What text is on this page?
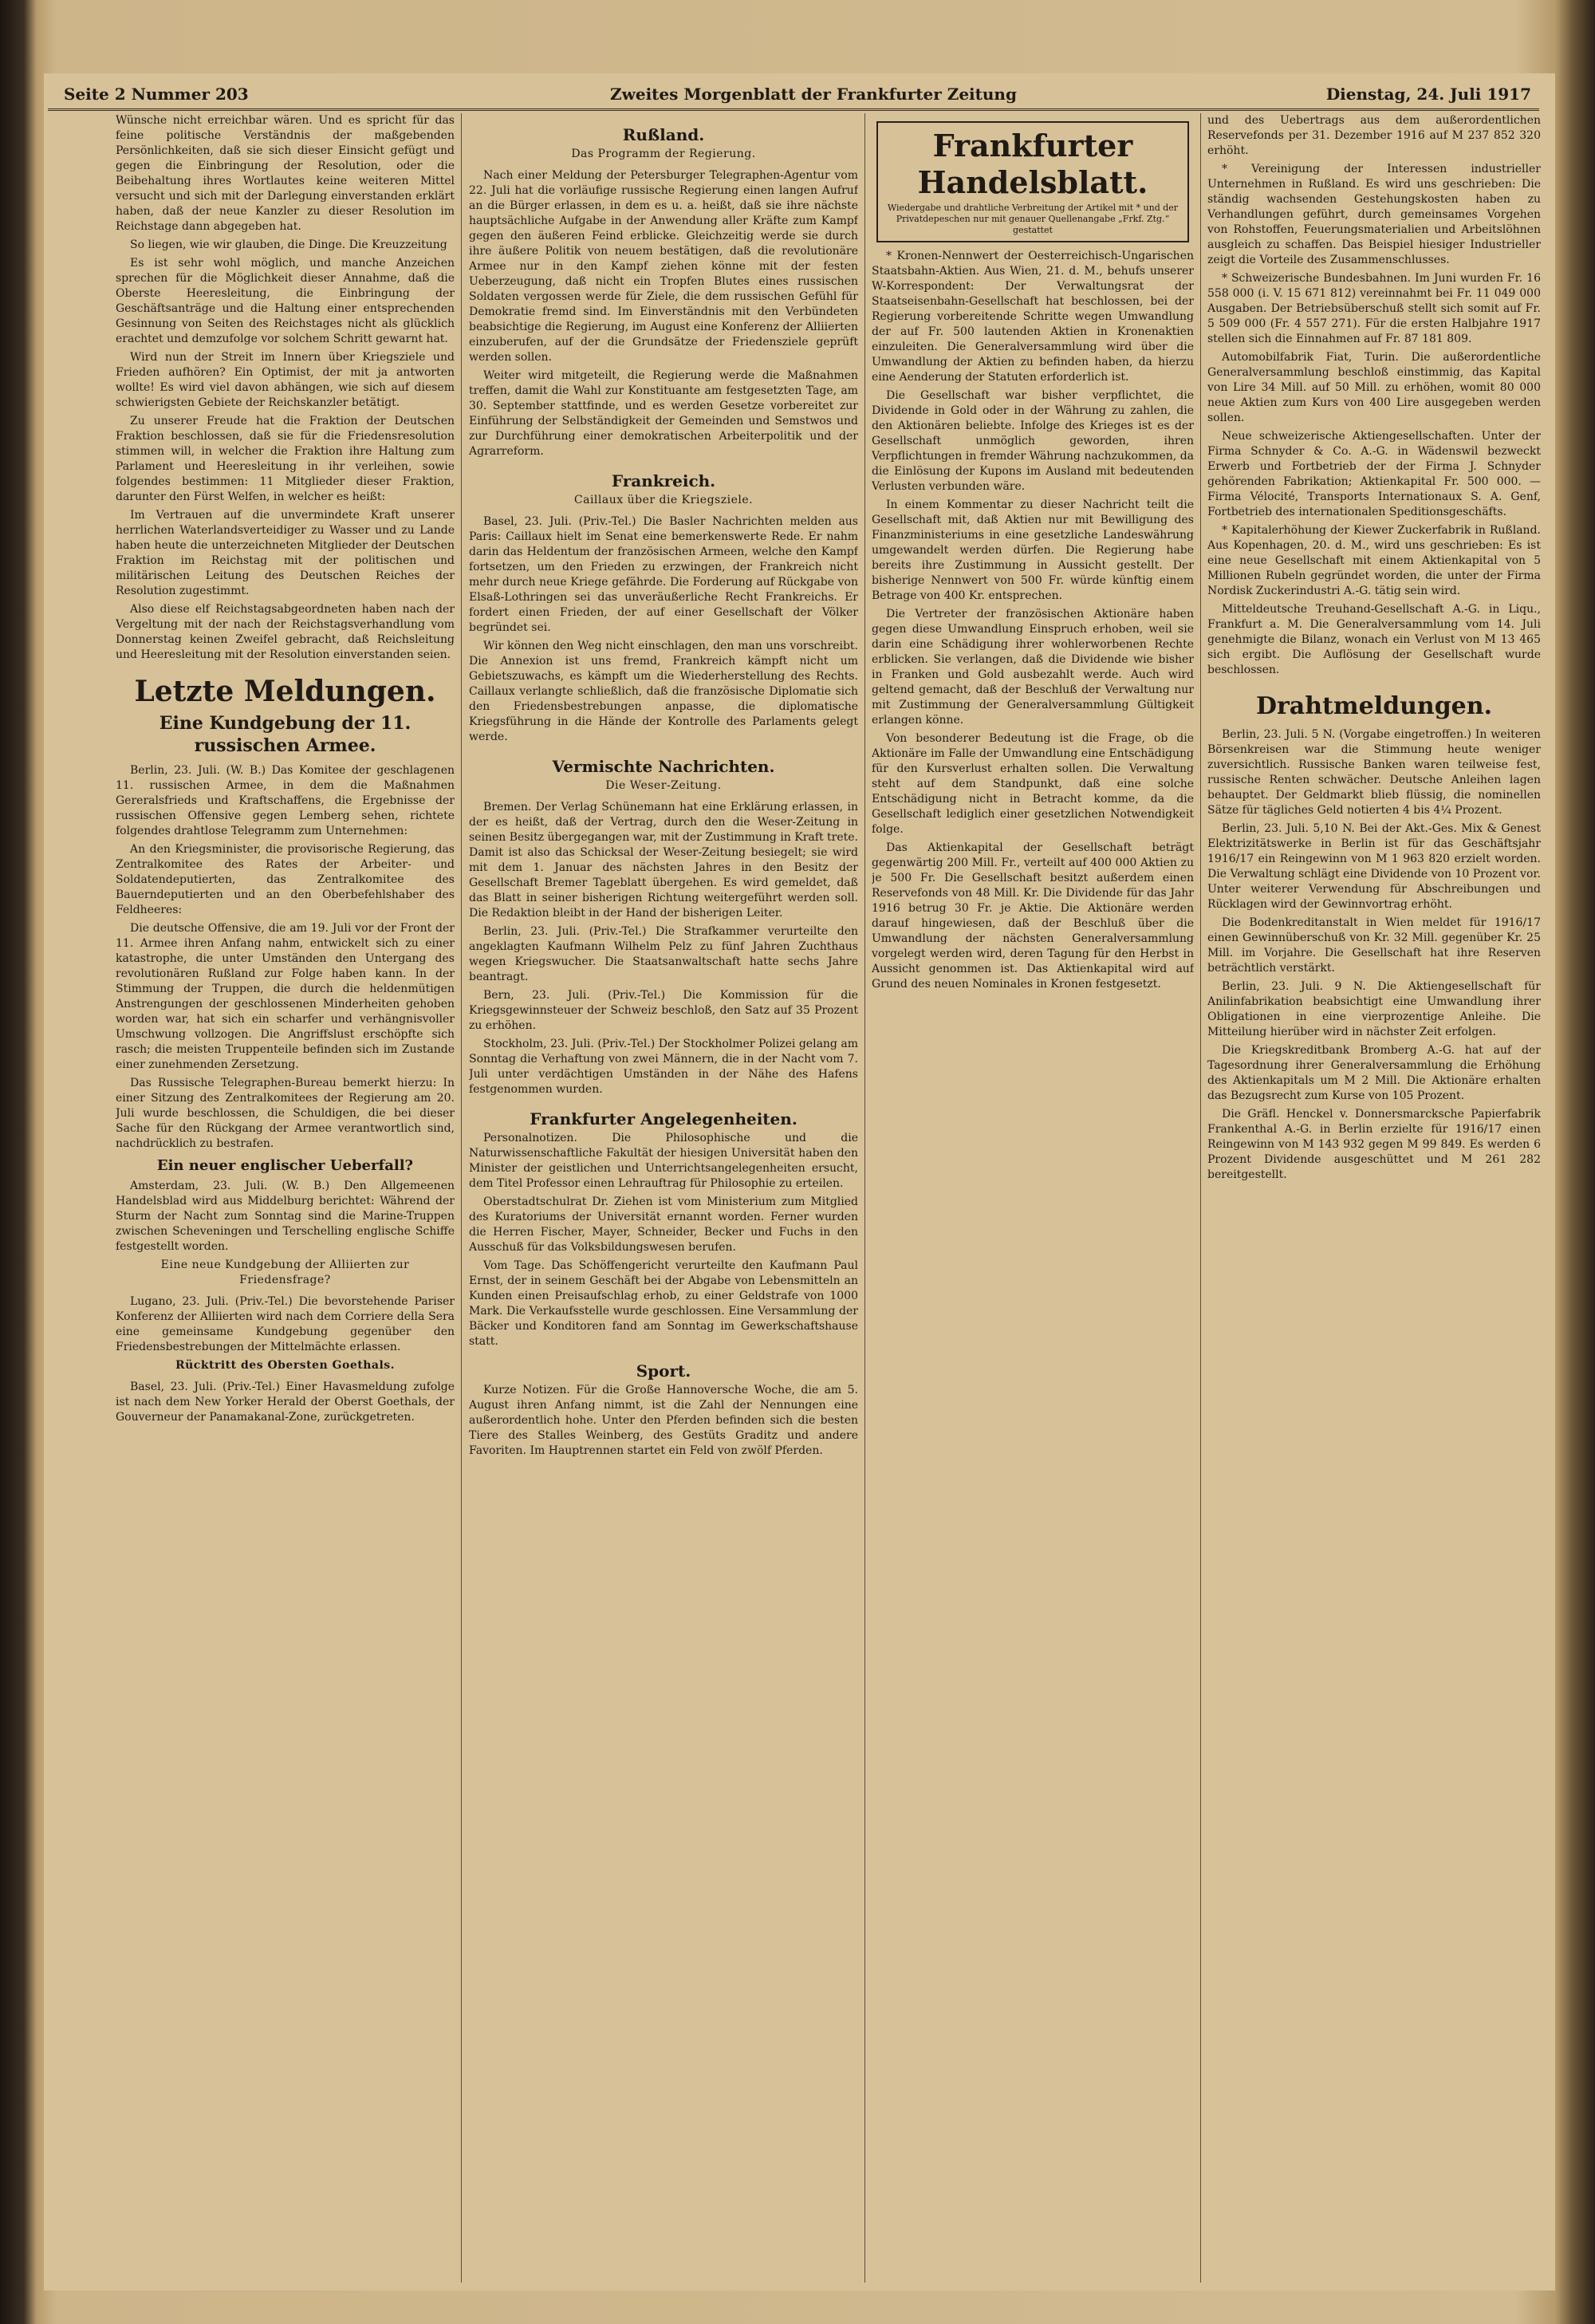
Seite 2 Nummer 203	Zweites Morgenblatt der Frankfurter Zeitung	Dienstag, 24. Juli 1917

Wünsche nicht erreichbar wären. Und es spricht für das feine politische Verständnis der maßgebenden Persönlichkeiten, daß sie sich dieser Einsicht gefügt und gegen die Einbringung der Resolution, oder die Beibehaltung ihres Wortlautes keine weiteren Mittel versucht und sich mit der Darlegung einverstanden erklärt haben, daß der neue Kanzler zu dieser Resolution im Reichstage dann abgegeben hat.

So liegen, wie wir glauben, die Dinge. Die Kreuzzeitung

Es ist sehr wohl möglich, und manche Anzeichen sprechen für die Möglichkeit dieser Annahme, daß die Oberste Heeresleitung, die Einbringung der Geschäftsanträge und die Haltung einer entsprechenden Gesinnung von Seiten des Reichstages nicht als glücklich erachtet und demzufolge vor solchem Schritt gewarnt hat.

Wird nun der Streit im Innern über Kriegsziele und Frieden aufhören? Ein Optimist, der mit ja antworten wollte! Es wird viel davon abhängen, wie sich auf diesem schwierigsten Gebiete der Reichskanzler betätigt.

Zu unserer Freude hat die Fraktion der Deutschen Fraktion beschlossen, daß sie für die Friedensresolution stimmen will, in welcher die Fraktion ihre Haltung zum Parlament und Heeresleitung in ihr verleihen, sowie folgendes bestimmen: 11 Mitglieder dieser Fraktion, darunter den Fürst Welfen, in welcher es heißt:

Im Vertrauen auf die unvermindete Kraft unserer herrlichen Waterlandsverteidiger zu Wasser und zu Lande haben heute die unterzeichneten Mitglieder der Deutschen Fraktion im Reichstag mit der politischen und militärischen Leitung des Deutschen Reiches der Resolution zugestimmt.

Also diese elf Reichstagsabgeordneten haben nach der Vergeltung mit der nach der Reichstagsverhandlung vom Donnerstag keinen Zweifel gebracht, daß Reichsleitung und Heeresleitung mit der Resolution einverstanden seien.

Letzte Meldungen.
Eine Kundgebung der 11. russischen Armee.

Berlin, 23. Juli. (W. B.) Das Komitee der geschlagenen 11. russischen Armee, in dem die Maßnahmen Gereralsfrieds und Kraftschaffens, die Ergebnisse der russischen Offensive gegen Lemberg sehen, richtete folgendes drahtlose Telegramm zum Unternehmen:

An den Kriegsminister, die provisorische Regierung, das Zentralkomitee des Rates der Arbeiter- und Soldatendeputierten, das Zentralkomitee des Bauerndeputierten und an den Oberbefehlshaber des Feldheeres:

Die deutsche Offensive, die am 19. Juli vor der Front der 11. Armee ihren Anfang nahm, entwickelt sich zu einer katastrophe, die unter Umständen den Untergang des revolutionären Rußland zur Folge haben kann. In der Stimmung der Truppen, die durch die heldenmütigen Anstrengungen der geschlossenen Minderheiten gehoben worden war, hat sich ein scharfer und verhängnisvoller Umschwung vollzogen. Die Angriffslust erschöpfte sich rasch; die meisten Truppenteile befinden sich im Zustande einer zunehmenden Zersetzung.

Das Russische Telegraphen-Bureau bemerkt hierzu: In einer Sitzung des Zentralkomitees der Regierung am 20. Juli wurde beschlossen, die Schuldigen, die bei dieser Sache für den Rückgang der Armee verantwortlich sind, nachdrücklich zu bestrafen.

Ein neuer englischer Ueberfall?

Amsterdam, 23. Juli. (W. B.) Den Allgemeenen Handelsblad wird aus Middelburg berichtet: Während der Sturm der Nacht zum Sonntag sind die Marine-Truppen zwischen Scheveningen und Terschelling englische Schiffe festgestellt worden.

Eine neue Kundgebung der Alliierten zur Friedensfrage?

Lugano, 23. Juli. (Priv.-Tel.) Die bevorstehende Pariser Konferenz der Alliierten wird nach dem Corriere della Sera eine gemeinsame Kundgebung gegenüber den Friedensbestrebungen der Mittelmächte erlassen.

Rücktritt des Obersten Goethals.

Basel, 23. Juli. (Priv.-Tel.) Einer Havasmeldung zufolge ist nach dem New Yorker Herald der Oberst Goethals, der Gouverneur der Panamakanal-Zone, zurückgetreten.

Rußland.
Das Programm der Regierung.

Nach einer Meldung der Petersburger Telegraphen-Agentur vom 22. Juli hat die vorläufige russische Regierung einen langen Aufruf an die Bürger erlassen, in dem es u. a. heißt, daß sie ihre nächste hauptsächliche Aufgabe in der Anwendung aller Kräfte zum Kampf gegen den äußeren Feind erblicke. Gleichzeitig werde sie durch ihre äußere Politik von neuem bestätigen, daß die revolutionäre Armee nur in den Kampf ziehen könne mit der festen Ueberzeugung, daß nicht ein Tropfen Blutes eines russischen Soldaten vergossen werde für Ziele, die dem russischen Gefühl für Demokratie fremd sind. Im Einverständnis mit den Verbündeten beabsichtige die Regierung, im August eine Konferenz der Alliierten einzuberufen, auf der die Grundsätze der Friedensziele geprüft werden sollen.

Weiter wird mitgeteilt, die Regierung werde die Maßnahmen treffen, damit die Wahl zur Konstituante am festgesetzten Tage, am 30. September stattfinde, und es werden Gesetze vorbereitet zur Einführung der Selbständigkeit der Gemeinden und Semstwos und zur Durchführung einer demokratischen Arbeiterpolitik und der Agrarreform.

Frankreich.
Caillaux über die Kriegsziele.

Basel, 23. Juli. (Priv.-Tel.) Die Basler Nachrichten melden aus Paris: Caillaux hielt im Senat eine bemerkenswerte Rede. Er nahm darin das Heldentum der französischen Armeen, welche den Kampf fortsetzen, um den Frieden zu erzwingen, der Frankreich nicht mehr durch neue Kriege gefährde. Die Forderung auf Rückgabe von Elsaß-Lothringen sei das unveräußerliche Recht Frankreichs. Er fordert einen Frieden, der auf einer Gesellschaft der Völker begründet sei.

Wir können den Weg nicht einschlagen, den man uns vorschreibt. Die Annexion ist uns fremd, Frankreich kämpft nicht um Gebietszuwachs, es kämpft um die Wiederherstellung des Rechts. Caillaux verlangte schließlich, daß die französische Diplomatie sich den Friedensbestrebungen anpasse, die diplomatische Kriegsführung in die Hände der Kontrolle des Parlaments gelegt werde.

Vermischte Nachrichten.
Die Weser-Zeitung.

Bremen. Der Verlag Schünemann hat eine Erklärung erlassen, in der es heißt, daß der Vertrag, durch den die Weser-Zeitung in seinen Besitz übergegangen war, mit der Zustimmung in Kraft trete. Damit ist also das Schicksal der Weser-Zeitung besiegelt; sie wird mit dem 1. Januar des nächsten Jahres in den Besitz der Gesellschaft Bremer Tageblatt übergehen. Es wird gemeldet, daß das Blatt in seiner bisherigen Richtung weitergeführt werden soll. Die Redaktion bleibt in der Hand der bisherigen Leiter.

Berlin, 23. Juli. (Priv.-Tel.) Die Strafkammer verurteilte den angeklagten Kaufmann Wilhelm Pelz zu fünf Jahren Zuchthaus wegen Kriegswucher. Die Staatsanwaltschaft hatte sechs Jahre beantragt.

Bern, 23. Juli. (Priv.-Tel.) Die Kommission für die Kriegsgewinnsteuer der Schweiz beschloß, den Satz auf 35 Prozent zu erhöhen.

Stockholm, 23. Juli. (Priv.-Tel.) Der Stockholmer Polizei gelang am Sonntag die Verhaftung von zwei Männern, die in der Nacht vom 7. Juli unter verdächtigen Umständen in der Nähe des Hafens festgenommen wurden.

Frankfurter Angelegenheiten.

Personalnotizen. Die Philosophische und die Naturwissenschaftliche Fakultät der hiesigen Universität haben den Minister der geistlichen und Unterrichtsangelegenheiten ersucht, dem Titel Professor einen Lehrauftrag für Philosophie zu erteilen.

Oberstadtschulrat Dr. Ziehen ist vom Ministerium zum Mitglied des Kuratoriums der Universität ernannt worden. Ferner wurden die Herren Fischer, Mayer, Schneider, Becker und Fuchs in den Ausschuß für das Volksbildungswesen berufen.

Vom Tage. Das Schöffengericht verurteilte den Kaufmann Paul Ernst, der in seinem Geschäft bei der Abgabe von Lebensmitteln an Kunden einen Preisaufschlag erhob, zu einer Geldstrafe von 1000 Mark. Die Verkaufsstelle wurde geschlossen. Eine Versammlung der Bäcker und Konditoren fand am Sonntag im Gewerkschaftshause statt.

Sport.

Kurze Notizen. Für die Große Hannoversche Woche, die am 5. August ihren Anfang nimmt, ist die Zahl der Nennungen eine außerordentlich hohe. Unter den Pferden befinden sich die besten Tiere des Stalles Weinberg, des Gestüts Graditz und andere Favoriten. Im Hauptrennen startet ein Feld von zwölf Pferden.

Frankfurter Handelsblatt.
Wiedergabe und drahtliche Verbreitung der Artikel mit * und der Privatdepeschen nur mit genauer Quellenangabe „Frkf. Ztg.“ gestattet

* Kronen-Nennwert der Oesterreichisch-Ungarischen Staatsbahn-Aktien. Aus Wien, 21. d. M., behufs unserer W-Korrespondent: Der Verwaltungsrat der Staatseisenbahn-Gesellschaft hat beschlossen, bei der Regierung vorbereitende Schritte wegen Umwandlung der auf Fr. 500 lautenden Aktien in Kronenaktien einzuleiten. Die Generalversammlung wird über die Umwandlung der Aktien zu befinden haben, da hierzu eine Aenderung der Statuten erforderlich ist.

Die Gesellschaft war bisher verpflichtet, die Dividende in Gold oder in der Währung zu zahlen, die den Aktionären beliebte. Infolge des Krieges ist es der Gesellschaft unmöglich geworden, ihren Verpflichtungen in fremder Währung nachzukommen, da die Einlösung der Kupons im Ausland mit bedeutenden Verlusten verbunden wäre.

In einem Kommentar zu dieser Nachricht teilt die Gesellschaft mit, daß Aktien nur mit Bewilligung des Finanzministeriums in eine gesetzliche Landeswährung umgewandelt werden dürfen. Die Regierung habe bereits ihre Zustimmung in Aussicht gestellt. Der bisherige Nennwert von 500 Fr. würde künftig einem Betrage von 400 Kr. entsprechen.

Die Vertreter der französischen Aktionäre haben gegen diese Umwandlung Einspruch erhoben, weil sie darin eine Schädigung ihrer wohlerworbenen Rechte erblicken. Sie verlangen, daß die Dividende wie bisher in Franken und Gold ausbezahlt werde. Auch wird geltend gemacht, daß der Beschluß der Verwaltung nur mit Zustimmung der Generalversammlung Gültigkeit erlangen könne.

Von besonderer Bedeutung ist die Frage, ob die Aktionäre im Falle der Umwandlung eine Entschädigung für den Kursverlust erhalten sollen. Die Verwaltung steht auf dem Standpunkt, daß eine solche Entschädigung nicht in Betracht komme, da die Gesellschaft lediglich einer gesetzlichen Notwendigkeit folge.

Das Aktienkapital der Gesellschaft beträgt gegenwärtig 200 Mill. Fr., verteilt auf 400 000 Aktien zu je 500 Fr. Die Gesellschaft besitzt außerdem einen Reservefonds von 48 Mill. Kr. Die Dividende für das Jahr 1916 betrug 30 Fr. je Aktie. Die Aktionäre werden darauf hingewiesen, daß der Beschluß über die Umwandlung der nächsten Generalversammlung vorgelegt werden wird, deren Tagung für den Herbst in Aussicht genommen ist. Das Aktienkapital wird auf Grund des neuen Nominales in Kronen festgesetzt.

und des Uebertrags aus dem außerordentlichen Reservefonds per 31. Dezember 1916 auf M 237 852 320 erhöht.

* Vereinigung der Interessen industrieller Unternehmen in Rußland. Es wird uns geschrieben: Die ständig wachsenden Gestehungskosten haben zu Verhandlungen geführt, durch gemeinsames Vorgehen von Rohstoffen, Feuerungsmaterialien und Arbeitslöhnen ausgleich zu schaffen. Das Beispiel hiesiger Industrieller zeigt die Vorteile des Zusammenschlusses.

* Schweizerische Bundesbahnen. Im Juni wurden Fr. 16 558 000 (i. V. 15 671 812) vereinnahmt bei Fr. 11 049 000 Ausgaben. Der Betriebsüberschuß stellt sich somit auf Fr. 5 509 000 (Fr. 4 557 271). Für die ersten Halbjahre 1917 stellen sich die Einnahmen auf Fr. 87 181 809.

Automobilfabrik Fiat, Turin. Die außerordentliche Generalversammlung beschloß einstimmig, das Kapital von Lire 34 Mill. auf 50 Mill. zu erhöhen, womit 80 000 neue Aktien zum Kurs von 400 Lire ausgegeben werden sollen.

Neue schweizerische Aktiengesellschaften. Unter der Firma Schnyder & Co. A.-G. in Wädenswil bezweckt Erwerb und Fortbetrieb der der Firma J. Schnyder gehörenden Fabrikation; Aktienkapital Fr. 500 000. — Firma Vélocité, Transports Internationaux S. A. Genf, Fortbetrieb des internationalen Speditionsgeschäfts.

* Kapitalerhöhung der Kiewer Zuckerfabrik in Rußland. Aus Kopenhagen, 20. d. M., wird uns geschrieben: Es ist eine neue Gesellschaft mit einem Aktienkapital von 5 Millionen Rubeln gegründet worden, die unter der Firma Nordisk Zuckerindustri A.-G. tätig sein wird.

Mitteldeutsche Treuhand-Gesellschaft A.-G. in Liqu., Frankfurt a. M. Die Generalversammlung vom 14. Juli genehmigte die Bilanz, wonach ein Verlust von M 13 465 sich ergibt. Die Auflösung der Gesellschaft wurde beschlossen.

Drahtmeldungen.

Berlin, 23. Juli. 5 N. (Vorgabe eingetroffen.) In weiteren Börsenkreisen war die Stimmung heute weniger zuversichtlich. Russische Banken waren teilweise fest, russische Renten schwächer. Deutsche Anleihen lagen behauptet. Der Geldmarkt blieb flüssig, die nominellen Sätze für tägliches Geld notierten 4 bis 4¼ Prozent.

Berlin, 23. Juli. 5,10 N. Bei der Akt.-Ges. Mix & Genest Elektrizitätswerke in Berlin ist für das Geschäftsjahr 1916/17 ein Reingewinn von M 1 963 820 erzielt worden. Die Verwaltung schlägt eine Dividende von 10 Prozent vor. Unter weiterer Verwendung für Abschreibungen und Rücklagen wird der Gewinnvortrag erhöht.

Die Bodenkreditanstalt in Wien meldet für 1916/17 einen Gewinnüberschuß von Kr. 32 Mill. gegenüber Kr. 25 Mill. im Vorjahre. Die Gesellschaft hat ihre Reserven beträchtlich verstärkt.

Berlin, 23. Juli. 9 N. Die Aktiengesellschaft für Anilinfabrikation beabsichtigt eine Umwandlung ihrer Obligationen in eine vierprozentige Anleihe. Die Mitteilung hierüber wird in nächster Zeit erfolgen.

Die Kriegskreditbank Bromberg A.-G. hat auf der Tagesordnung ihrer Generalversammlung die Erhöhung des Aktienkapitals um M 2 Mill. Die Aktionäre erhalten das Bezugsrecht zum Kurse von 105 Prozent.

Die Gräfl. Henckel v. Donnersmarcksche Papierfabrik Frankenthal A.-G. in Berlin erzielte für 1916/17 einen Reingewinn von M 143 932 gegen M 99 849. Es werden 6 Prozent Dividende ausgeschüttet und M 261 282 bereitgestellt.
